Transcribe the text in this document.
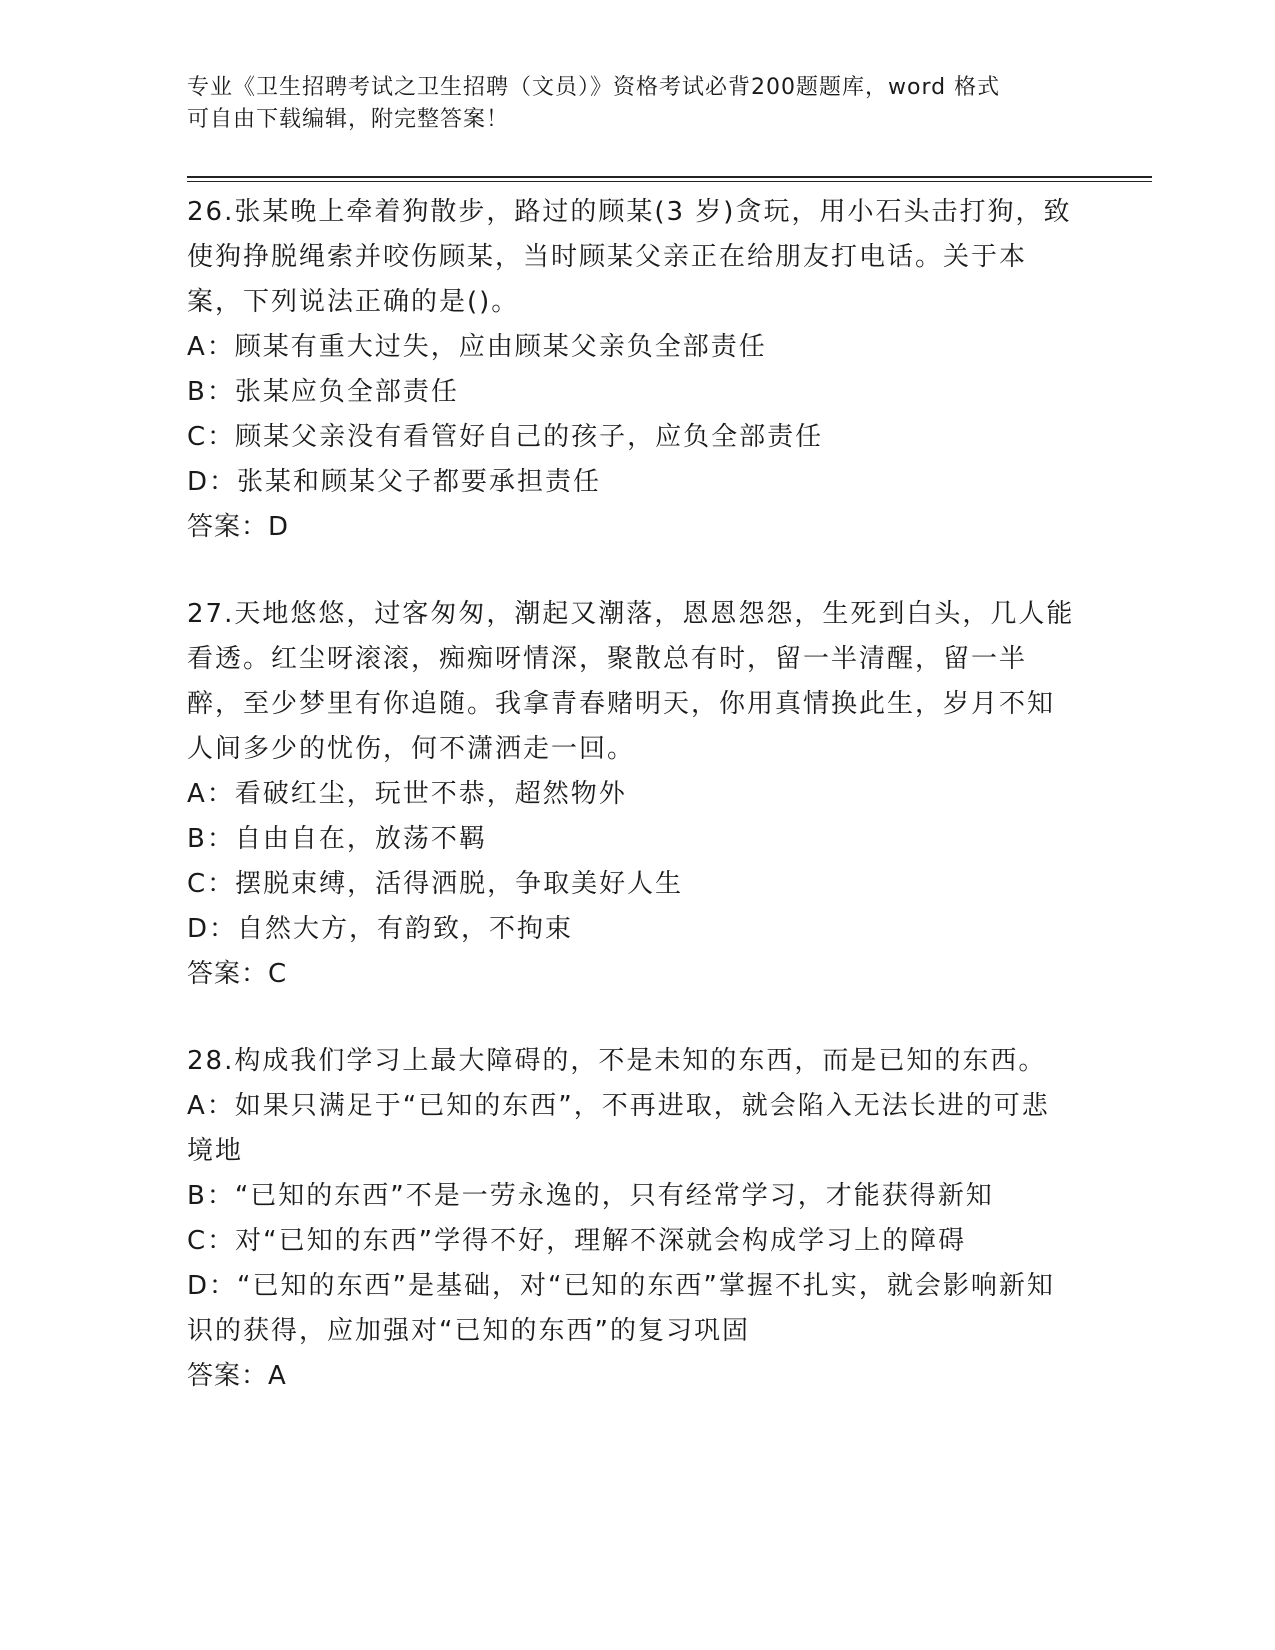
专业《卫生招聘考试之卫生招聘（文员）》资格考试必背200题题库，word 格式
可自由下载编辑，附完整答案！

26.张某晚上牵着狗散步，路过的顾某(3 岁)贪玩，用小石头击打狗，致使狗挣脱绳索并咬伤顾某，当时顾某父亲正在给朋友打电话。关于本案，下列说法正确的是()。

A：顾某有重大过失，应由顾某父亲负全部责任

B：张某应负全部责任

C：顾某父亲没有看管好自己的孩子，应负全部责任

D：张某和顾某父子都要承担责任

答案：D

27.天地悠悠，过客匆匆，潮起又潮落，恩恩怨怨，生死到白头，几人能看透。红尘呀滚滚，痴痴呀情深，聚散总有时，留一半清醒，留一半醉，至少梦里有你追随。我拿青春赌明天，你用真情换此生，岁月不知人间多少的忧伤，何不潇洒走一回。

A：看破红尘，玩世不恭，超然物外

B：自由自在，放荡不羁

C：摆脱束缚，活得洒脱，争取美好人生

D：自然大方，有韵致，不拘束

答案：C

28.构成我们学习上最大障碍的，不是未知的东西，而是已知的东西。

A：如果只满足于“已知的东西”，不再进取，就会陷入无法长进的可悲境地

B：“已知的东西”不是一劳永逸的，只有经常学习，才能获得新知

C：对“已知的东西”学得不好，理解不深就会构成学习上的障碍

D：“已知的东西”是基础，对“已知的东西”掌握不扎实，就会影响新知识的获得，应加强对“已知的东西”的复习巩固

答案：A
